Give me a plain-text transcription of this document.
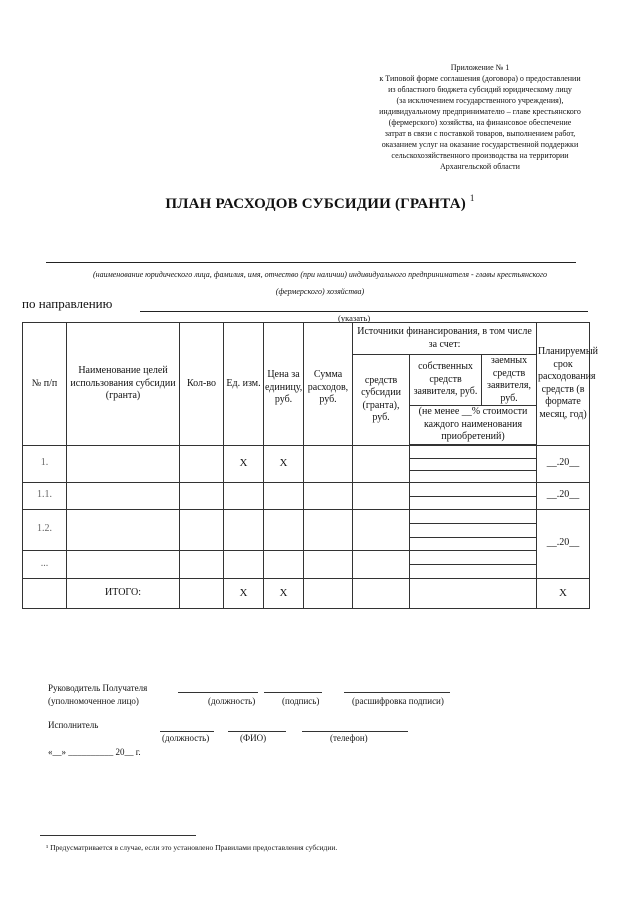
Приложение № 1
к Типовой форме соглашения (договора) о предоставлении
из областного бюджета субсидий юридическому лицу
(за исключением государственного учреждения),
индивидуальному предпринимателю – главе крестьянского
(фермерского) хозяйства, на финансовое обеспечение
затрат в связи с поставкой товаров, выполнением работ,
оказанием услуг на оказание государственной поддержки
сельскохозяйственного производства на территории
Архангельской области
ПЛАН РАСХОДОВ СУБСИДИИ (ГРАНТА) $^1$
(наименование юридического лица, фамилия, имя, отчество (при наличии) индивидуального предпринимателя - главы крестьянского
(фермерского) хозяйства)
по направлению
(указать)
№ п/п	Наименование целей использования субсидии (гранта)	Кол-во	Ед. изм.	Цена за единицу, руб.	Сумма расходов, руб.	Источники финансирования, в том числе за счет:			Планируемый срок расходования средств (в формате месяц, год)
						средств субсидии (гранта), руб.	собственных средств заявителя, руб.	заемных средств заявителя, руб.	
							(не менее __% стоимости каждого наименования приобретений)		

1.			X	X					__.20__

1.1.									__.20__

1.2.									__.20__

...									

	ИТОГО:		X	X					X
Руководитель Получателя
(уполномоченное лицо)	(должность)	(подпись)	(расшифровка подписи)
Исполнитель
(должность)	(ФИО)	(телефон)
«__» __________ 20__ г.
¹ Предусматривается в случае, если это установлено Правилами предоставления субсидии.
